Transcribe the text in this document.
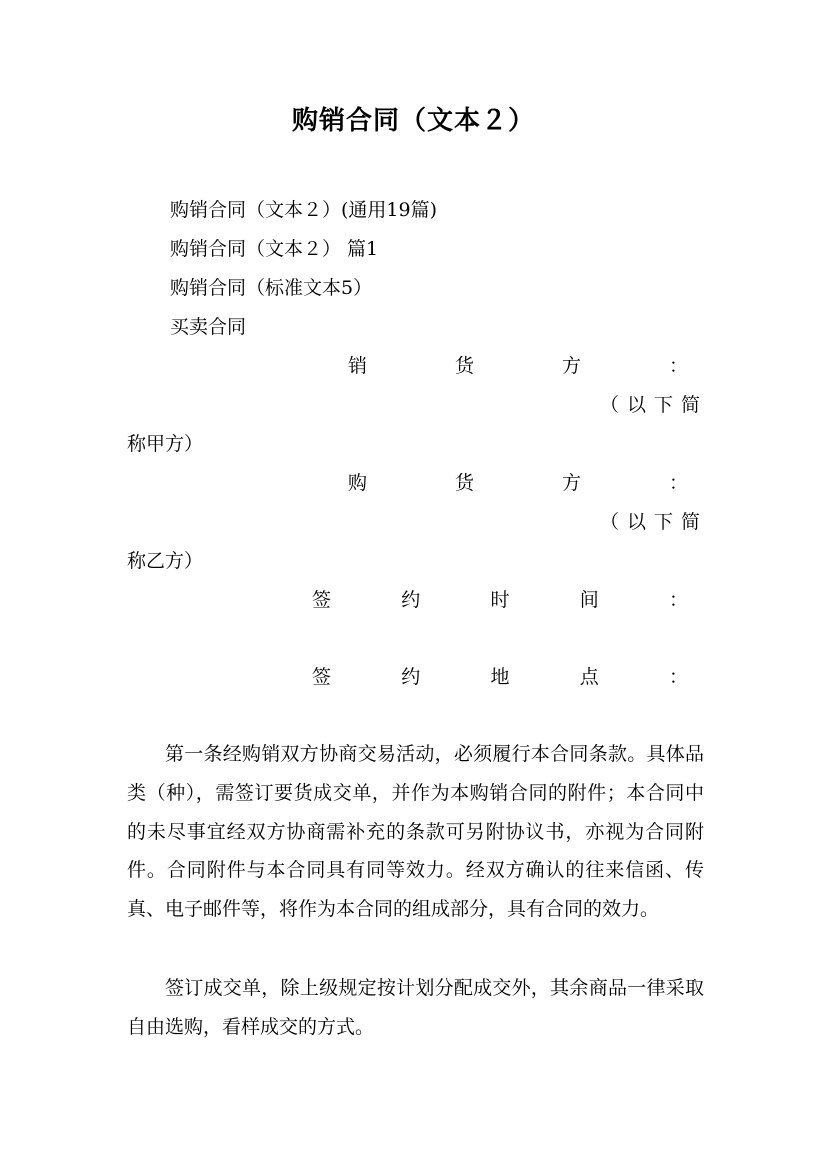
购销合同（文本２）
购销合同（文本２）(通用19篇)
购销合同（文本２） 篇1
购销合同（标准文本5）
买卖合同
销	货	方	：
（ 以 下 简
称甲方）
购	货	方	：
（ 以 下 简
称乙方）
签	约	时	间	：
签	约	地	点	：
第一条经购销双方协商交易活动，必须履行本合同条款。具体品类（种），需签订要货成交单，并作为本购销合同的附件；本合同中的未尽事宜经双方协商需补充的条款可另附协议书，亦视为合同附件。合同附件与本合同具有同等效力。经双方确认的往来信函、传真、电子邮件等，将作为本合同的组成部分，具有合同的效力。
签订成交单，除上级规定按计划分配成交外，其余商品一律采取自由选购，看样成交的方式。
